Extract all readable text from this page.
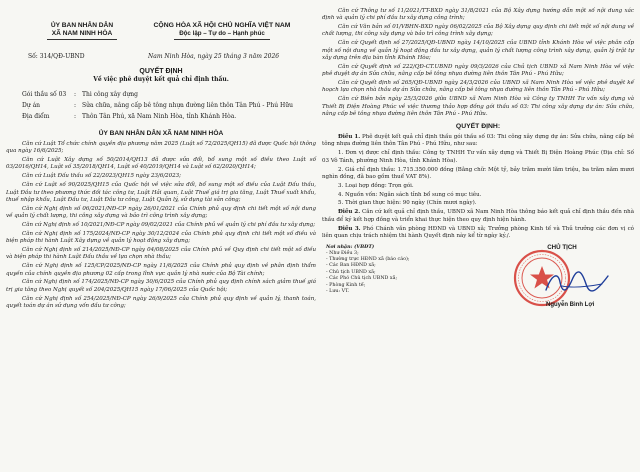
ỦY BAN NHÂN DÂN
XÃ NAM NINH HÒA
CỘNG HÒA XÃ HỘI CHỦ NGHĨA VIỆT NAM
Độc lập – Tự do – Hạnh phúc
Số: 314/QĐ-UBND	Nam Ninh Hòa, ngày 25 tháng 3 năm 2026
QUYẾT ĐỊNH
Về việc phê duyệt kết quả chỉ định thầu.
Gói thầu số 03	: Thi công xây dựng
Dự án	: Sửa chữa, nâng cấp bê tông nhựa đường liên thôn Tân Phú - Phú Hữu
Địa điểm	: Thôn Tân Phú, xã Nam Ninh Hòa, tỉnh Khánh Hòa.
ỦY BAN NHÂN DÂN XÃ NAM NINH HÒA

Căn cứ Luật Tổ chức chính quyền địa phương năm 2025 (Luật số 72/2025/QH15) đã được Quốc hội thông qua ngày 16/6/2025;

Căn cứ Luật Xây dựng số 50/2014/QH13 đã được sửa đổi, bổ sung một số điều theo Luật số 03/2016/QH14, Luật số 35/2018/QH14, Luật số 40/2019/QH14 và Luật số 62/2020/QH14;

Căn cứ Luật Đấu thầu số 22/2023/QH15 ngày 23/6/2023;

Căn cứ Luật số 90/2025/QH15 của Quốc hội về việc sửa đổi, bổ sung một số điều của Luật Đấu thầu, Luật Đầu tư theo phương thức đối tác công tư, Luật Hải quan, Luật Thuế giá trị gia tăng, Luật Thuế xuất khẩu, thuế nhập khẩu, Luật Đầu tư, Luật Đầu tư công, Luật Quản lý, sử dụng tài sản công;

Căn cứ Nghị định số 06/2021/NĐ-CP ngày 26/01/2021 của Chính phủ quy định chi tiết một số nội dung về quản lý chất lượng, thi công xây dựng và bảo trì công trình xây dựng;

Căn cứ Nghị định số 10/2021/NĐ-CP ngày 09/02/2021 của Chính phủ về quản lý chi phí đầu tư xây dựng;

Căn cứ Nghị định số 175/2024/NĐ-CP ngày 30/12/2024 của Chính phủ quy định chi tiết một số điều và biện pháp thi hành Luật Xây dựng về quản lý hoạt động xây dựng;

Căn cứ Nghị định số 214/2025/NĐ-CP ngày 04/08/2025 của Chính phủ về Quy định chi tiết một số điều và biện pháp thi hành Luật Đấu thầu về lựa chọn nhà thầu;

Căn cứ Nghị định số 125/CP/2025/NĐ-CP ngày 11/6/2025 của Chính phủ quy định về phân định thẩm quyền của chính quyền địa phương 02 cấp trong lĩnh vực quản lý nhà nước của Bộ Tài chính;

Căn cứ Nghị định số 174/2025/NĐ-CP ngày 30/6/2025 của Chính phủ quy định chính sách giảm thuế giá trị gia tăng theo Nghị quyết số 204/2025/QH15 ngày 17/06/2025 của Quốc hội;

Căn cứ Nghị định số 254/2025/NĐ-CP ngày 26/9/2025 của Chính phủ quy định về quản lý, thanh toán, quyết toán dự án sử dụng vốn đầu tư công;

Căn cứ Thông tư số 11/2021/TT-BXD ngày 31/8/2021 của Bộ Xây dựng hướng dẫn một số nội dung xác định và quản lý chi phí đầu tư xây dựng công trình;

Căn cứ Văn bản số 01/VBHN-BXD ngày 06/02/2025 của Bộ Xây dựng quy định chi tiết một số nội dung về chất lượng, thi công xây dựng và bảo trì công trình xây dựng;

Căn cứ Quyết định số 27/2025/QĐ-UBND ngày 14/10/2025 của UBND tỉnh Khánh Hòa về việc phân cấp một số nội dung về quản lý hoạt động đầu tư xây dựng, quản lý chất lượng công trình xây dựng, quản lý trật tự xây dựng trên địa bàn tỉnh Khánh Hòa;

Căn cứ Quyết định số 222/QĐ-CT.UBND ngày 09/3/2026 của Chủ tịch UBND xã Nam Ninh Hòa về việc phê duyệt dự án Sửa chữa, nâng cấp bê tông nhựa đường liên thôn Tân Phú - Phú Hữu;

Căn cứ Quyết định số 265/QĐ-UBND ngày 24/3/2026 của UBND xã Nam Ninh Hòa về việc phê duyệt kế hoạch lựa chọn nhà thầu dự án Sửa chữa, nâng cấp bê tông nhựa đường liên thôn Tân Phú - Phú Hữu;

Căn cứ Biên bản ngày 25/3/2026 giữa UBND xã Nam Ninh Hòa và Công ty TNHH Tư vấn xây dựng và Thiết Bị Điện Hoàng Phúc về việc thương thảo hợp đồng gói thầu số 03: Thi công xây dựng dự án: Sửa chữa, nâng cấp bê tông nhựa đường liên thôn Tân Phú - Phú Hữu.

QUYẾT ĐỊNH:

Điều 1. Phê duyệt kết quả chỉ định thầu gói thầu số 03: Thi công xây dựng dự án: Sửa chữa, nâng cấp bê tông nhựa đường liên thôn Tân Phú - Phú Hữu, như sau:

1. Đơn vị được chỉ định thầu: Công ty TNHH Tư vấn xây dựng và Thiết Bị Điện Hoàng Phúc (Địa chỉ: Số 03 Võ Tánh, phường Ninh Hòa, tỉnh Khánh Hòa).

2. Giá chỉ định thầu: 1.715.350.000 đồng (Bằng chữ: Một tỷ, bảy trăm mười lăm triệu, ba trăm năm mươi nghìn đồng, đã bao gồm thuế VAT 8%).

3. Loại hợp đồng: Trọn gói.

4. Nguồn vốn: Ngân sách tỉnh bổ sung có mục tiêu.

5. Thời gian thực hiện: 90 ngày (Chín mươi ngày).

Điều 2. Căn cứ kết quả chỉ định thầu, UBND xã Nam Ninh Hòa thông báo kết quả chỉ định thầu đến nhà thầu để ký kết hợp đồng và triển khai thực hiện theo quy định hiện hành.

Điều 3. Phó Chánh văn phòng HĐND và UBND xã; Trưởng phòng Kinh tế và Thủ trưởng các đơn vị có liên quan chịu trách nhiệm thi hành Quyết định này kể từ ngày ký./.

Nơi nhận: (VBĐT)
- Như Điều 3;
- Thường trực HĐND xã (báo cáo);
- Các Ban HĐND xã;
- Chủ tịch UBND xã;
- Các Phó Chủ tịch UBND xã;
- Phòng Kinh tế;
- Lưu: VT.
CHỦ TỊCH
Nguyễn Bình Lợi
